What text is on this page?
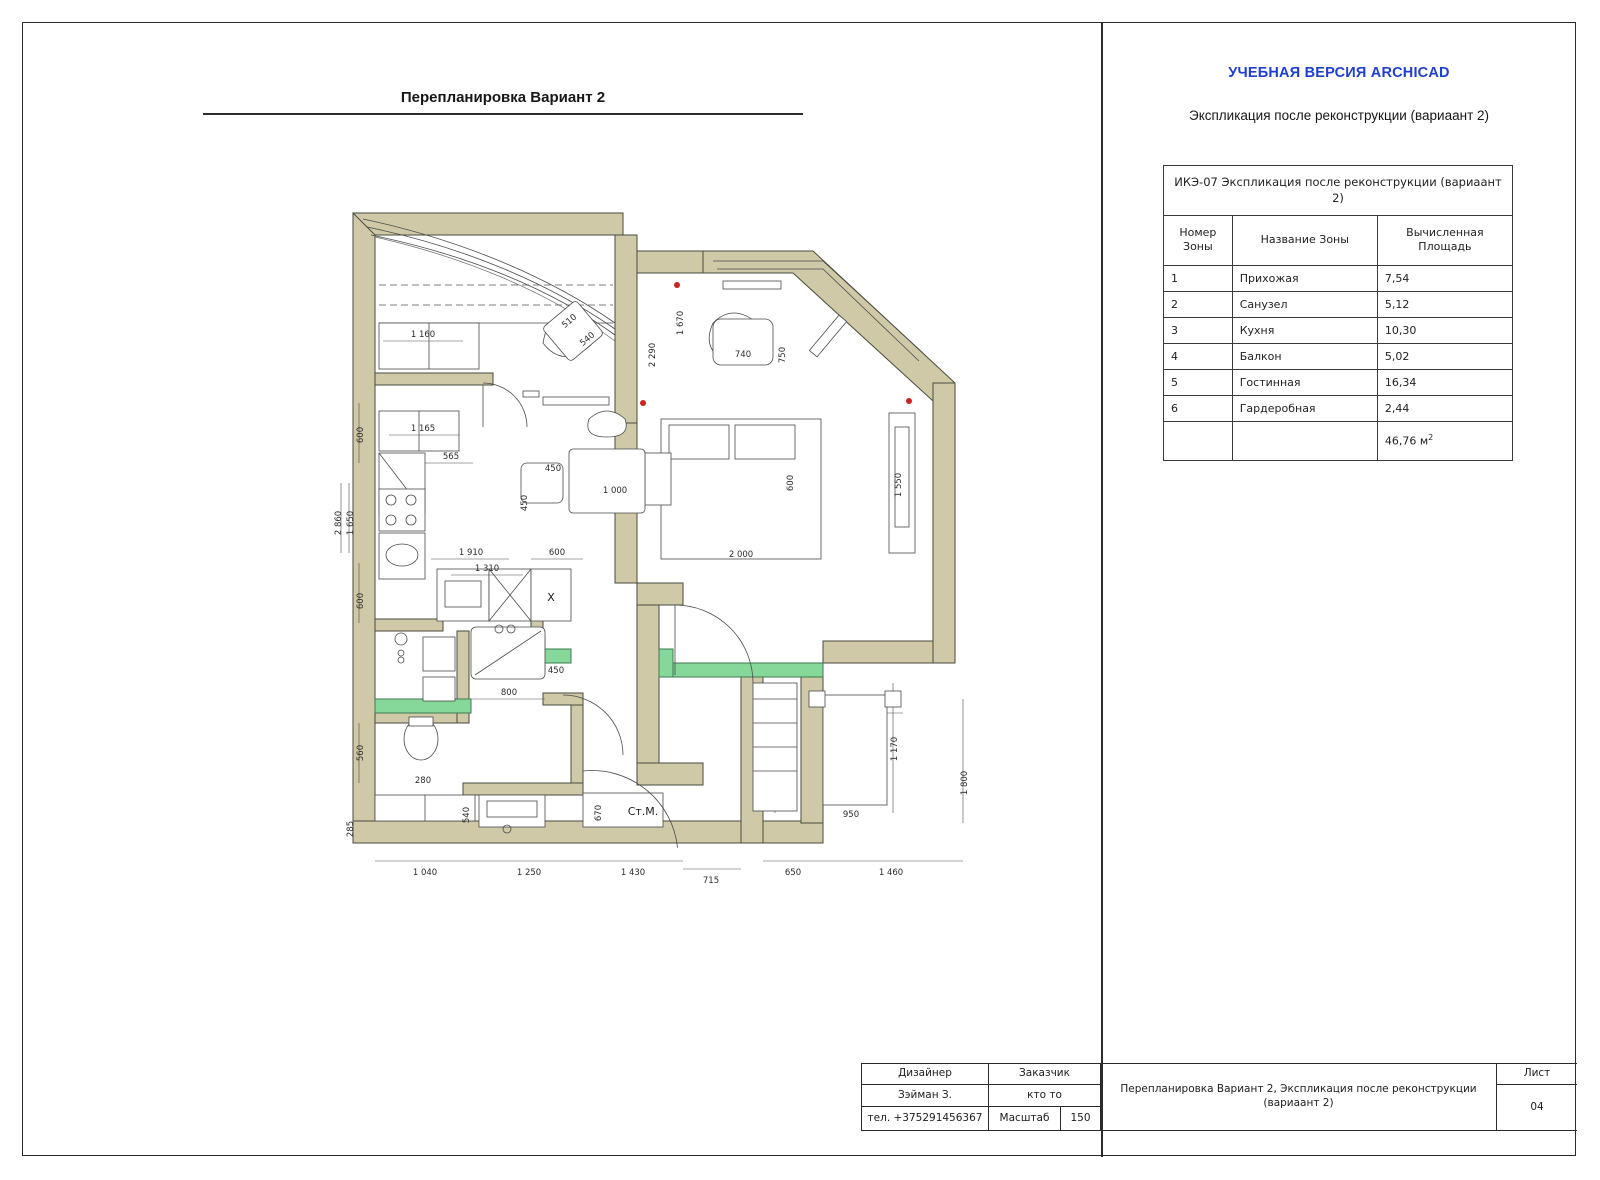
Перепланировка Вариант 2
X
Ст.М.
600
600
2 860 1 650
560
285
1 160
1 165
565
1 910
1 310
600
450
450
1 000
2 000
600	1 550
1 670
2 290	740	750
540
510
450
800
280
540	670	950
1 170
1 800
1 040	1 250	1 430
715
650	1 460
УЧЕБНАЯ ВЕРСИЯ ARCHICAD
Экспликация после реконструкции (вариаант 2)
ИКЭ-07 Экспликация после реконструкции (вариаант 2)		
Номер Зоны	Название Зоны	Вычисленная Площадь
1	Прихожая	7,54
2	Санузел	5,12
3	Кухня	10,30
4	Балкон	5,02
5	Гостинная	16,34
6	Гардеробная	2,44
		46,76 $м^2$
Дизайнер	Заказчик
Зэйман З.	кто то
тел. +375291456367	Масштаб	150
Перепланировка Вариант 2, Экспликация после реконструкции (вариаант 2)
Лист
04
